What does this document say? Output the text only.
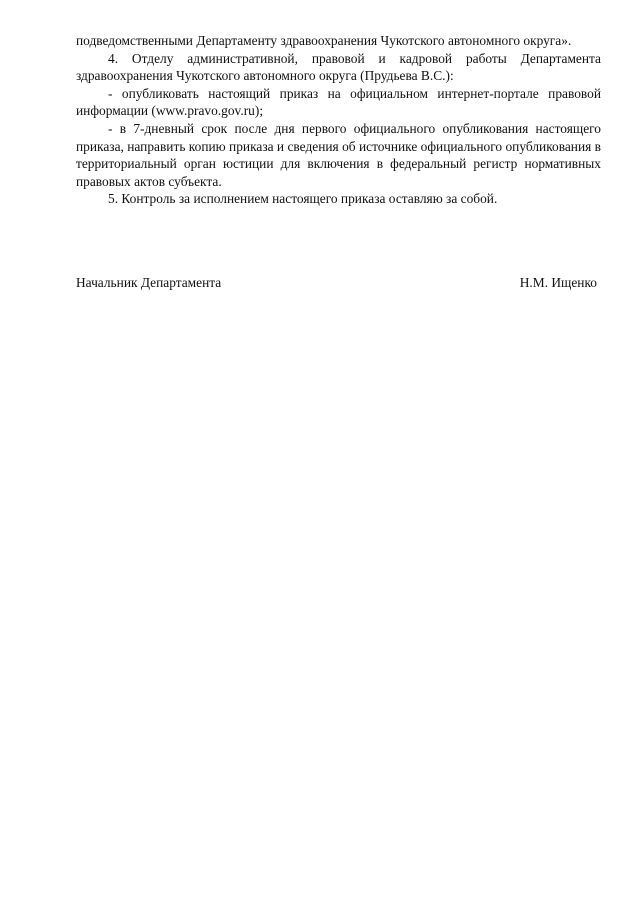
подведомственными Департаменту здравоохранения Чукотского автономного округа».

4. Отделу административной, правовой и кадровой работы Департамента здравоохранения Чукотского автономного округа (Прудьева В.С.):

- опубликовать настоящий приказ на официальном интернет-портале правовой информации (www.pravo.gov.ru);

- в 7-дневный срок после дня первого официального опубликования настоящего приказа, направить копию приказа и сведения об источнике официального опубликования в территориальный орган юстиции для включения в федеральный регистр нормативных правовых актов субъекта.

5. Контроль за исполнением настоящего приказа оставляю за собой.

Начальник Департамента	Н.М. Ищенко
